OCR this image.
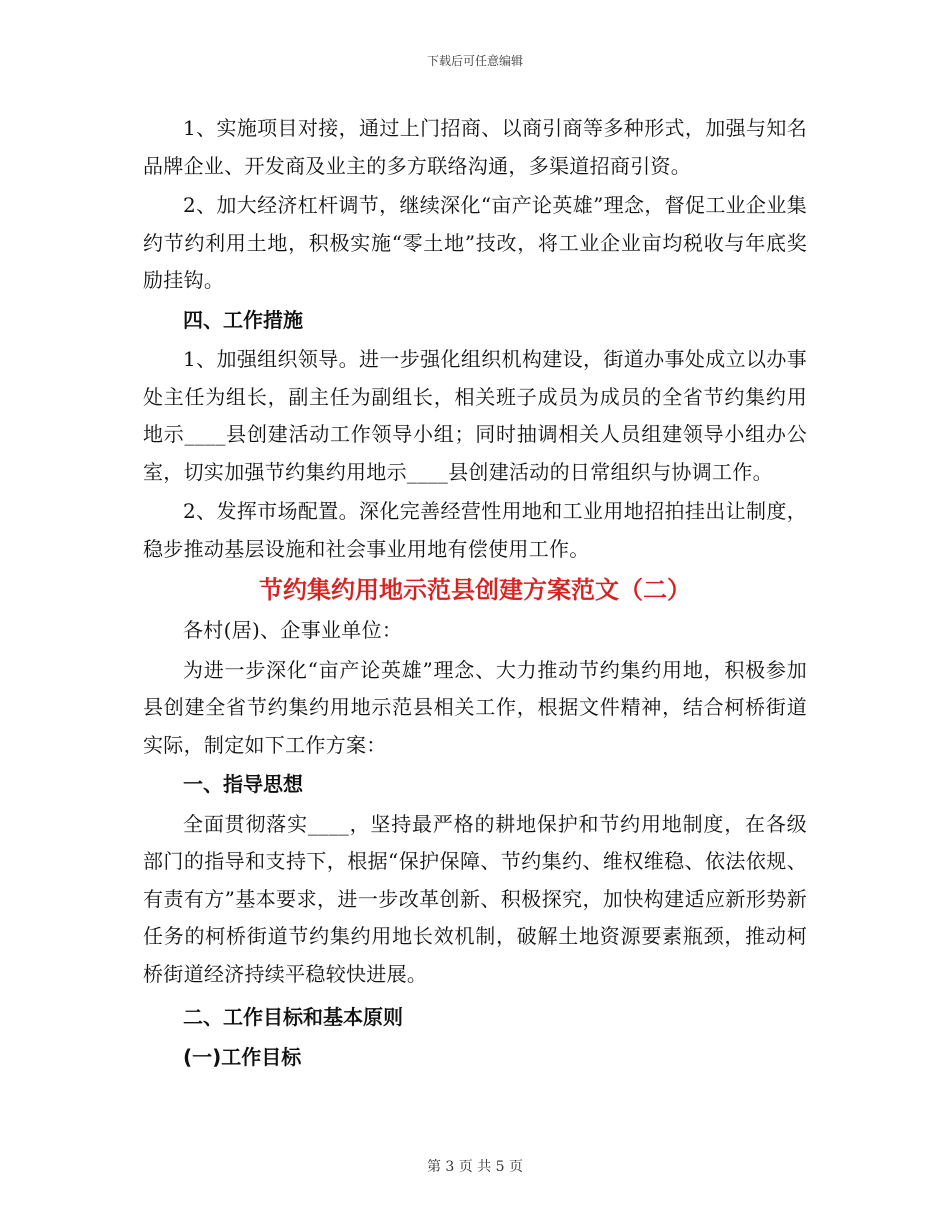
下载后可任意编辑

1、实施项目对接，通过上门招商、以商引商等多种形式，加强与知名品牌企业、开发商及业主的多方联络沟通，多渠道招商引资。

2、加大经济杠杆调节，继续深化“亩产论英雄”理念，督促工业企业集约节约利用土地，积极实施“零土地”技改，将工业企业亩均税收与年底奖励挂钩。

四、工作措施

1、加强组织领导。进一步强化组织机构建设，街道办事处成立以办事处主任为组长，副主任为副组长，相关班子成员为成员的全省节约集约用地示____县创建活动工作领导小组；同时抽调相关人员组建领导小组办公室，切实加强节约集约用地示____县创建活动的日常组织与协调工作。

2、发挥市场配置。深化完善经营性用地和工业用地招拍挂出让制度，稳步推动基层设施和社会事业用地有偿使用工作。

节约集约用地示范县创建方案范文（二）

各村(居)、企事业单位：

为进一步深化“亩产论英雄”理念、大力推动节约集约用地，积极参加县创建全省节约集约用地示范县相关工作，根据文件精神，结合柯桥街道实际，制定如下工作方案：

一、指导思想

全面贯彻落实____，坚持最严格的耕地保护和节约用地制度，在各级部门的指导和支持下，根据“保护保障、节约集约、维权维稳、依法依规、有责有方”基本要求，进一步改革创新、积极探究，加快构建适应新形势新任务的柯桥街道节约集约用地长效机制，破解土地资源要素瓶颈，推动柯桥街道经济持续平稳较快进展。

二、工作目标和基本原则

(一)工作目标

第 3 页 共 5 页
